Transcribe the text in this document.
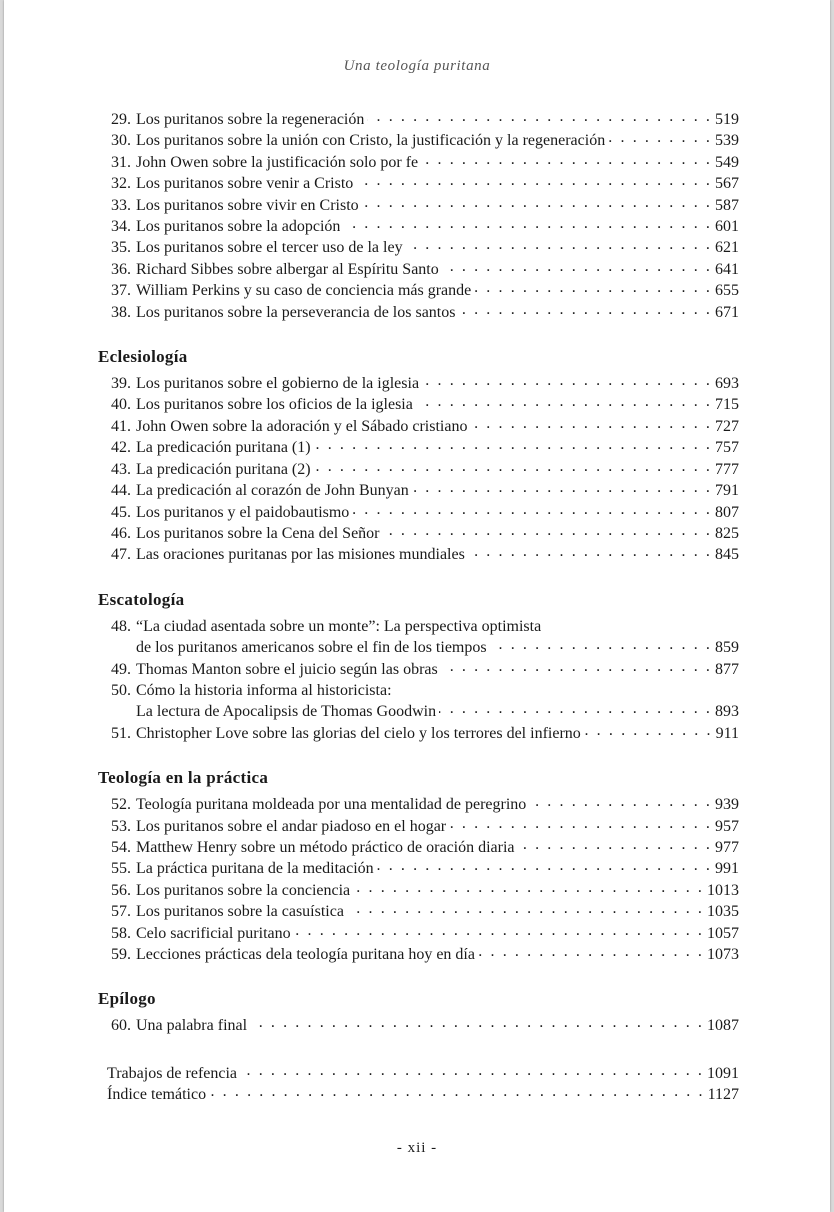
Una teología puritana
29. Los puritanos sobre la regeneración . . .	519
30. Los puritanos sobre la unión con Cristo, la justificación y la regeneración . . .	539
31. John Owen sobre la justificación solo por fe . . .	549
32. Los puritanos sobre venir a Cristo . . .	567
33. Los puritanos sobre vivir en Cristo . . .	587
34. Los puritanos sobre la adopción . . .	601
35. Los puritanos sobre el tercer uso de la ley . . .	621
36. Richard Sibbes sobre albergar al Espíritu Santo . . .	641
37. William Perkins y su caso de conciencia más grande . . .	655
38. Los puritanos sobre la perseverancia de los santos . . .	671
Eclesiología
39. Los puritanos sobre el gobierno de la iglesia . . .	693
40. Los puritanos sobre los oficios de la iglesia . . .	715
41. John Owen sobre la adoración y el Sábado cristiano . . .	727
42. La predicación puritana (1) . . .	757
43. La predicación puritana (2) . . .	777
44. La predicación al corazón de John Bunyan . . .	791
45. Los puritanos y el paidobautismo . . .	807
46. Los puritanos sobre la Cena del Señor . . .	825
47. Las oraciones puritanas por las misiones mundiales . . .	845
Escatología
48. “La ciudad asentada sobre un monte”: La perspectiva optimista
de los puritanos americanos sobre el fin de los tiempos . . .	859
49. Thomas Manton sobre el juicio según las obras . . .	877
50. Cómo la historia informa al historicista:
La lectura de Apocalipsis de Thomas Goodwin . . .	893
51. Christopher Love sobre las glorias del cielo y los terrores del infierno . . .	911
Teología en la práctica
52. Teología puritana moldeada por una mentalidad de peregrino . . .	939
53. Los puritanos sobre el andar piadoso en el hogar . . .	957
54. Matthew Henry sobre un método práctico de oración diaria . . .	977
55. La práctica puritana de la meditación . . .	991
56. Los puritanos sobre la conciencia . . .	1013
57. Los puritanos sobre la casuística . . .	1035
58. Celo sacrificial puritano . . .	1057
59. Lecciones prácticas dela teología puritana hoy en día . . .	1073
Epílogo
60. Una palabra final . . .	1087
Trabajos de refencia . . .	1091
Índice temático . . .	1127
- xii -
